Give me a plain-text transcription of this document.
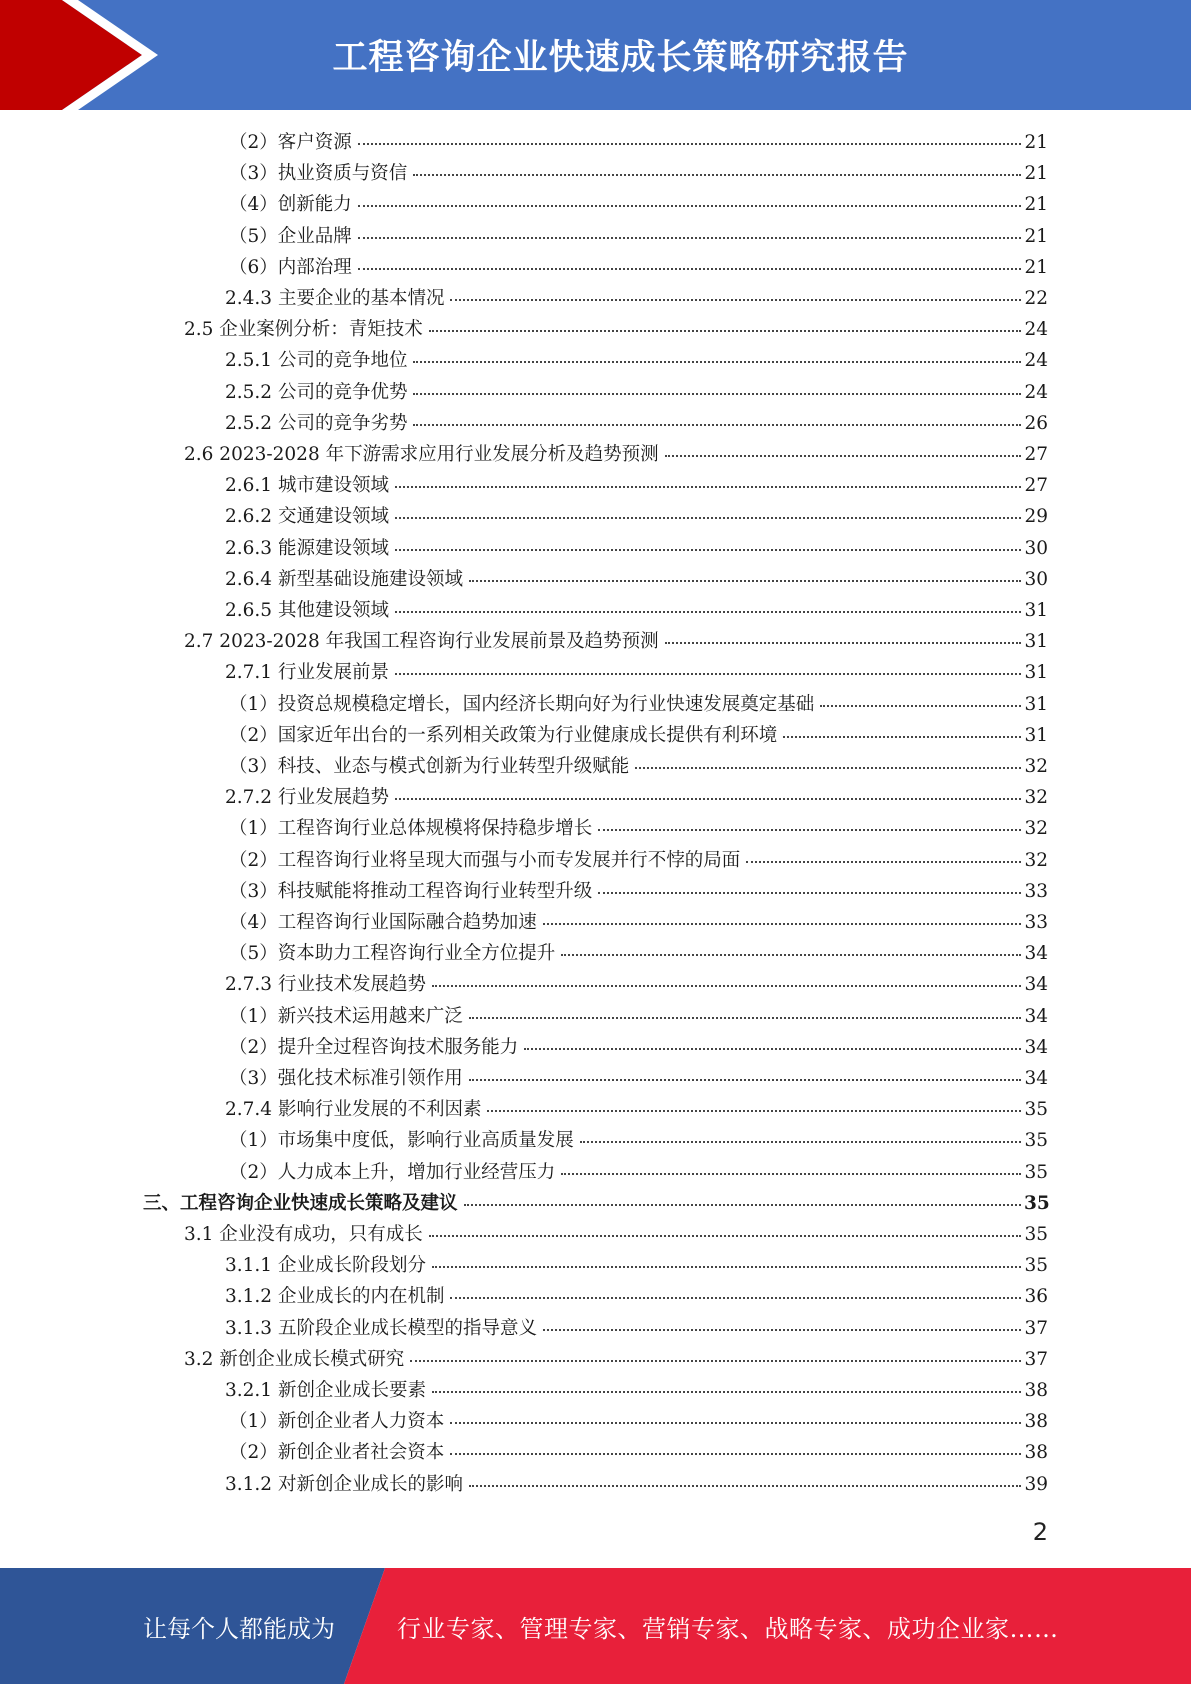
工程咨询企业快速成长策略研究报告
（2）客户资源	21
（3）执业资质与资信	21
（4）创新能力	21
（5）企业品牌	21
（6）内部治理	21
2.4.3 主要企业的基本情况	22
2.5 企业案例分析：青矩技术	24
2.5.1 公司的竞争地位	24
2.5.2 公司的竞争优势	24
2.5.2 公司的竞争劣势	26
2.6 2023-2028 年下游需求应用行业发展分析及趋势预测	27
2.6.1 城市建设领域	27
2.6.2 交通建设领域	29
2.6.3 能源建设领域	30
2.6.4 新型基础设施建设领域	30
2.6.5 其他建设领域	31
2.7 2023-2028 年我国工程咨询行业发展前景及趋势预测	31
2.7.1 行业发展前景	31
（1）投资总规模稳定增长，国内经济长期向好为行业快速发展奠定基础	31
（2）国家近年出台的一系列相关政策为行业健康成长提供有利环境	31
（3）科技、业态与模式创新为行业转型升级赋能	32
2.7.2 行业发展趋势	32
（1）工程咨询行业总体规模将保持稳步增长	32
（2）工程咨询行业将呈现大而强与小而专发展并行不悖的局面	32
（3）科技赋能将推动工程咨询行业转型升级	33
（4）工程咨询行业国际融合趋势加速	33
（5）资本助力工程咨询行业全方位提升	34
2.7.3 行业技术发展趋势	34
（1）新兴技术运用越来广泛	34
（2）提升全过程咨询技术服务能力	34
（3）强化技术标准引领作用	34
2.7.4 影响行业发展的不利因素	35
（1）市场集中度低，影响行业高质量发展	35
（2）人力成本上升，增加行业经营压力	35
三、工程咨询企业快速成长策略及建议	35
3.1 企业没有成功，只有成长	35
3.1.1 企业成长阶段划分	35
3.1.2 企业成长的内在机制	36
3.1.3 五阶段企业成长模型的指导意义	37
3.2 新创企业成长模式研究	37
3.2.1 新创企业成长要素	38
（1）新创企业者人力资本	38
（2）新创企业者社会资本	38
3.1.2 对新创企业成长的影响	39
2
让每个人都能成为	行业专家、管理专家、营销专家、战略专家、成功企业家……
